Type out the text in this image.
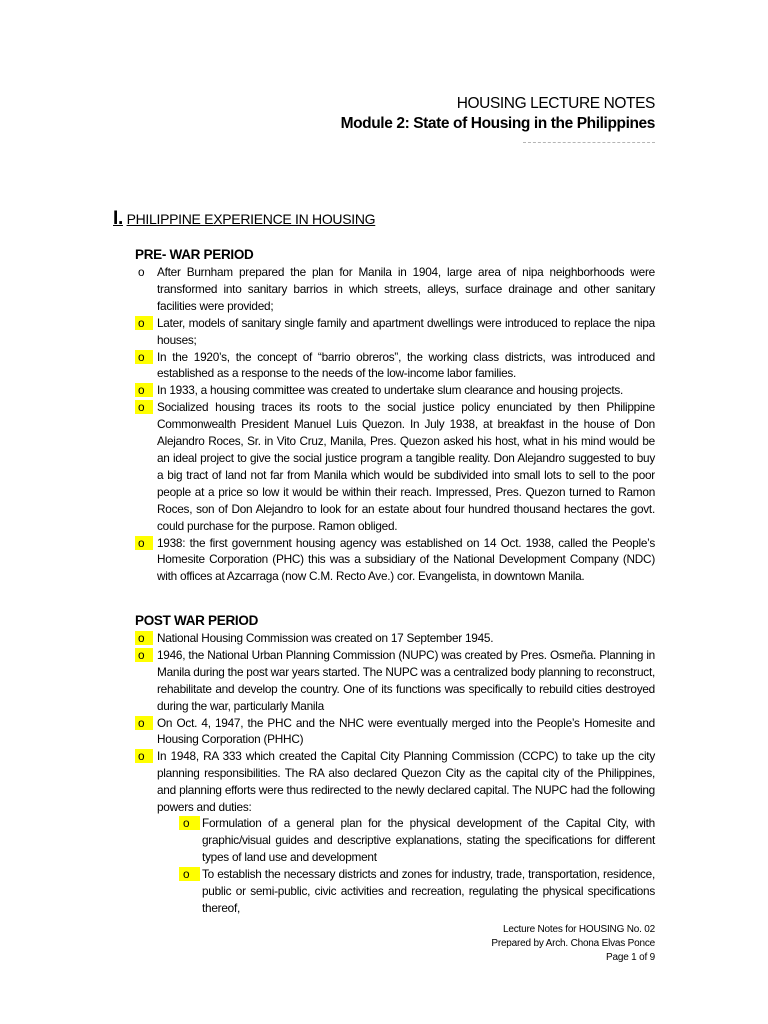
HOUSING LECTURE NOTES
Module 2: State of Housing in the Philippines
I. PHILIPPINE EXPERIENCE IN HOUSING
PRE- WAR PERIOD
o	After Burnham prepared the plan for Manila in 1904, large area of nipa neighborhoods were transformed into sanitary barrios in which streets, alleys, surface drainage and other sanitary facilities were provided;
o	Later, models of sanitary single family and apartment dwellings were introduced to replace the nipa houses;
o	In the 1920’s, the concept of “barrio obreros”, the working class districts, was introduced and established as a response to the needs of the low-income labor families.
o	In 1933, a housing committee was created to undertake slum clearance and housing projects.
o	Socialized housing traces its roots to the social justice policy enunciated by then Philippine Commonwealth President Manuel Luis Quezon. In July 1938, at breakfast in the house of Don Alejandro Roces, Sr. in Vito Cruz, Manila, Pres. Quezon asked his host, what in his mind would be an ideal project to give the social justice program a tangible reality. Don Alejandro suggested to buy a big tract of land not far from Manila which would be subdivided into small lots to sell to the poor people at a price so low it would be within their reach. Impressed, Pres. Quezon turned to Ramon Roces, son of Don Alejandro to look for an estate about four hundred thousand hectares the govt. could purchase for the purpose. Ramon obliged.
o	1938: the first government housing agency was established on 14 Oct. 1938, called the People’s Homesite Corporation (PHC) this was a subsidiary of the National Development Company (NDC) with offices at Azcarraga (now C.M. Recto Ave.) cor. Evangelista, in downtown Manila.
POST WAR PERIOD
o	National Housing Commission was created on 17 September 1945.
o	1946, the National Urban Planning Commission (NUPC) was created by Pres. Osmeña. Planning in Manila during the post war years started. The NUPC was a centralized body planning to reconstruct, rehabilitate and develop the country. One of its functions was specifically to rebuild cities destroyed during the war, particularly Manila
o	On Oct. 4, 1947, the PHC and the NHC were eventually merged into the People’s Homesite and Housing Corporation (PHHC)
o	In 1948, RA 333 which created the Capital City Planning Commission (CCPC) to take up the city planning responsibilities. The RA also declared Quezon City as the capital city of the Philippines, and planning efforts were thus redirected to the newly declared capital. The NUPC had the following powers and duties:
o	Formulation of a general plan for the physical development of the Capital City, with graphic/visual guides and descriptive explanations, stating the specifications for different types of land use and development
o	To establish the necessary districts and zones for industry, trade, transportation, residence, public or semi-public, civic activities and recreation, regulating the physical specifications thereof,
Lecture Notes for HOUSING No. 02
Prepared by Arch. Chona Elvas Ponce
Page 1 of 9
